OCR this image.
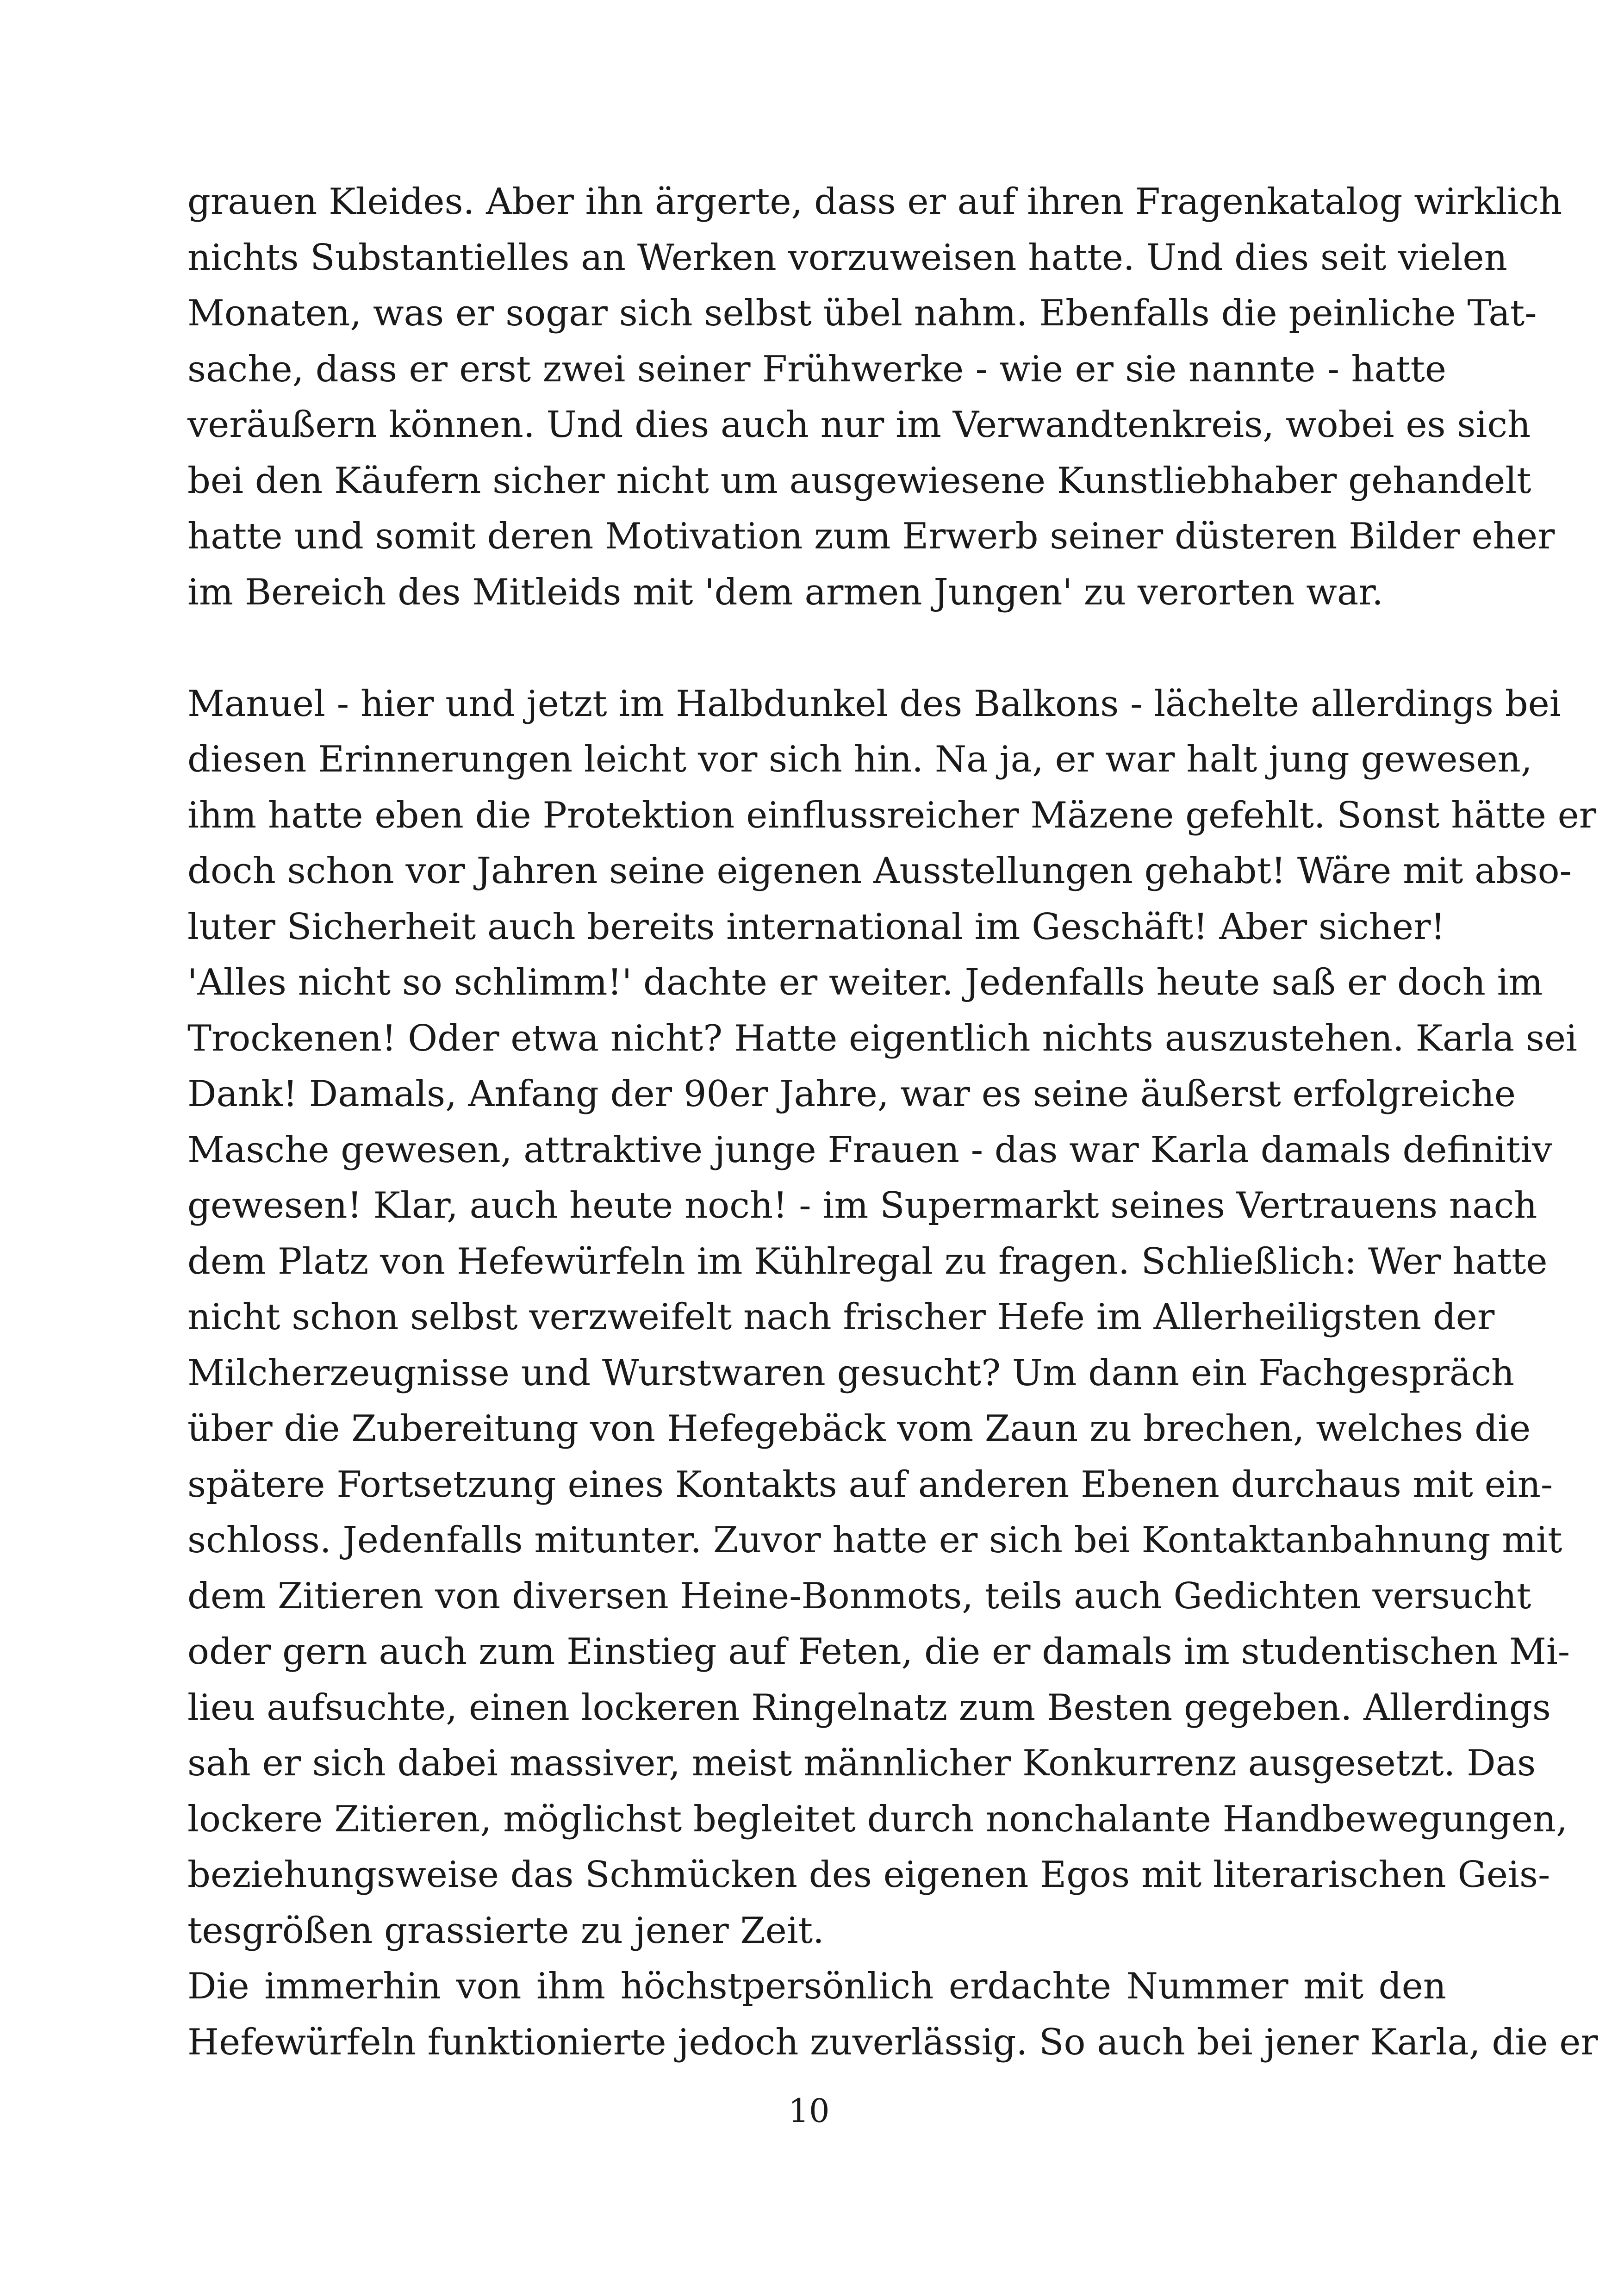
grauen Kleides. Aber ihn ärgerte, dass er auf ihren Fragenkatalog wirklich
nichts Substantielles an Werken vorzuweisen hatte. Und dies seit vielen
Monaten, was er sogar sich selbst übel nahm. Ebenfalls die peinliche Tat-
sache, dass er erst zwei seiner Frühwerke - wie er sie nannte - hatte
veräußern können. Und dies auch nur im Verwandtenkreis, wobei es sich
bei den Käufern sicher nicht um ausgewiesene Kunstliebhaber gehandelt
hatte und somit deren Motivation zum Erwerb seiner düsteren Bilder eher
im Bereich des Mitleids mit 'dem armen Jungen' zu verorten war.
Manuel - hier und jetzt im Halbdunkel des Balkons - lächelte allerdings bei
diesen Erinnerungen leicht vor sich hin. Na ja, er war halt jung gewesen,
ihm hatte eben die Protektion einflussreicher Mäzene gefehlt. Sonst hätte er
doch schon vor Jahren seine eigenen Ausstellungen gehabt! Wäre mit abso-
luter Sicherheit auch bereits international im Geschäft! Aber sicher!
'Alles nicht so schlimm!' dachte er weiter. Jedenfalls heute saß er doch im
Trockenen! Oder etwa nicht? Hatte eigentlich nichts auszustehen. Karla sei
Dank! Damals, Anfang der 90er Jahre, war es seine äußerst erfolgreiche
Masche gewesen, attraktive junge Frauen - das war Karla damals definitiv
gewesen! Klar, auch heute noch! - im Supermarkt seines Vertrauens nach
dem Platz von Hefewürfeln im Kühlregal zu fragen. Schließlich: Wer hatte
nicht schon selbst verzweifelt nach frischer Hefe im Allerheiligsten der
Milcherzeugnisse und Wurstwaren gesucht? Um dann ein Fachgespräch
über die Zubereitung von Hefegebäck vom Zaun zu brechen, welches die
spätere Fortsetzung eines Kontakts auf anderen Ebenen durchaus mit ein-
schloss. Jedenfalls mitunter. Zuvor hatte er sich bei Kontaktanbahnung mit
dem Zitieren von diversen Heine-Bonmots, teils auch Gedichten versucht
oder gern auch zum Einstieg auf Feten, die er damals im studentischen Mi-
lieu aufsuchte, einen lockeren Ringelnatz zum Besten gegeben. Allerdings
sah er sich dabei massiver, meist männlicher Konkurrenz ausgesetzt. Das
lockere Zitieren, möglichst begleitet durch nonchalante Handbewegungen,
beziehungsweise das Schmücken des eigenen Egos mit literarischen Geis-
tesgrößen grassierte zu jener Zeit.
Die immerhin von ihm höchstpersönlich erdachte Nummer mit den
Hefewürfeln funktionierte jedoch zuverlässig. So auch bei jener Karla, die er
10
